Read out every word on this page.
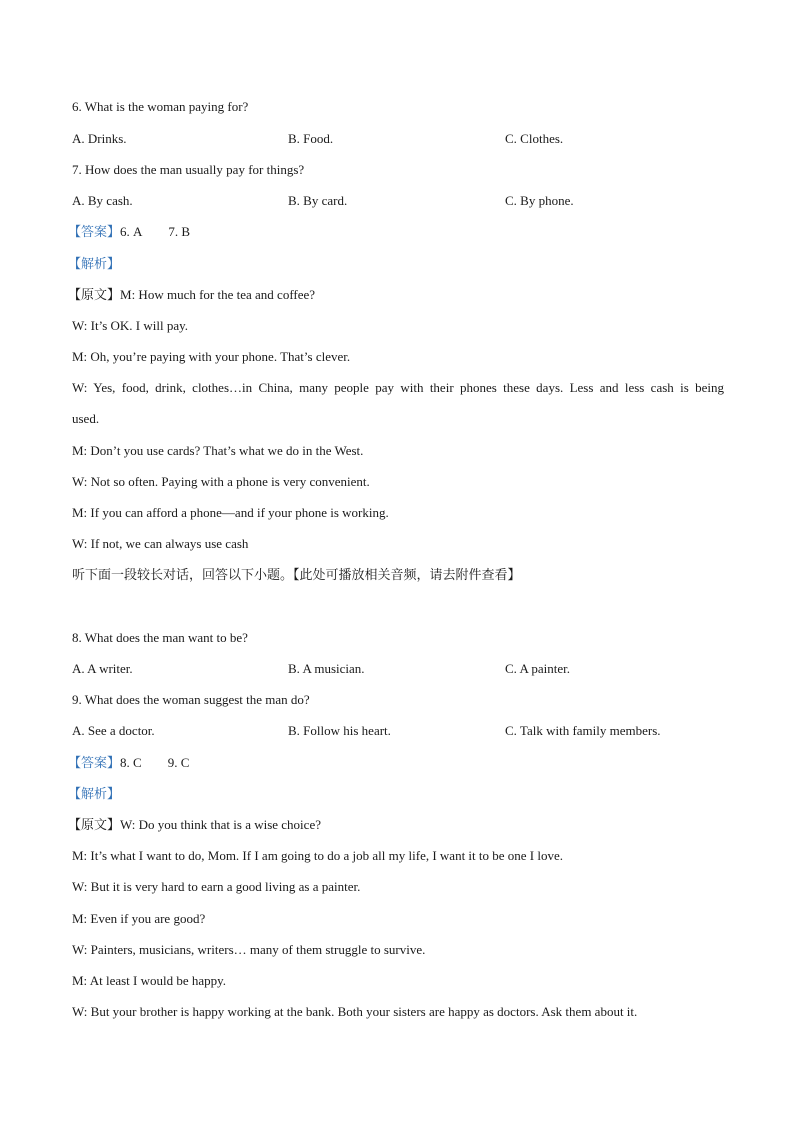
6. What is the woman paying for?
A. Drinks.	B. Food.	C. Clothes.
7. How does the man usually pay for things?
A. By cash.	B. By card.	C. By phone.
【答案】6. A 7. B
【解析】
【原文】M: How much for the tea and coffee?
W: It’s OK. I will pay.
M: Oh, you’re paying with your phone. That’s clever.
W: Yes, food, drink, clothes…in China, many people pay with their phones these days. Less and less cash is being
used.
M: Don’t you use cards? That’s what we do in the West.
W: Not so often. Paying with a phone is very convenient.
M: If you can afford a phone—and if your phone is working.
W: If not, we can always use cash
听下面一段较长对话，回答以下小题。【此处可播放相关音频，请去附件查看】
8. What does the man want to be?
A. A writer.	B. A musician.	C. A painter.
9. What does the woman suggest the man do?
A. See a doctor.	B. Follow his heart.	C. Talk with family members.
【答案】8. C 9. C
【解析】
【原文】W: Do you think that is a wise choice?
M: It’s what I want to do, Mom. If I am going to do a job all my life, I want it to be one I love.
W: But it is very hard to earn a good living as a painter.
M: Even if you are good?
W: Painters, musicians, writers… many of them struggle to survive.
M: At least I would be happy.
W: But your brother is happy working at the bank. Both your sisters are happy as doctors. Ask them about it.
